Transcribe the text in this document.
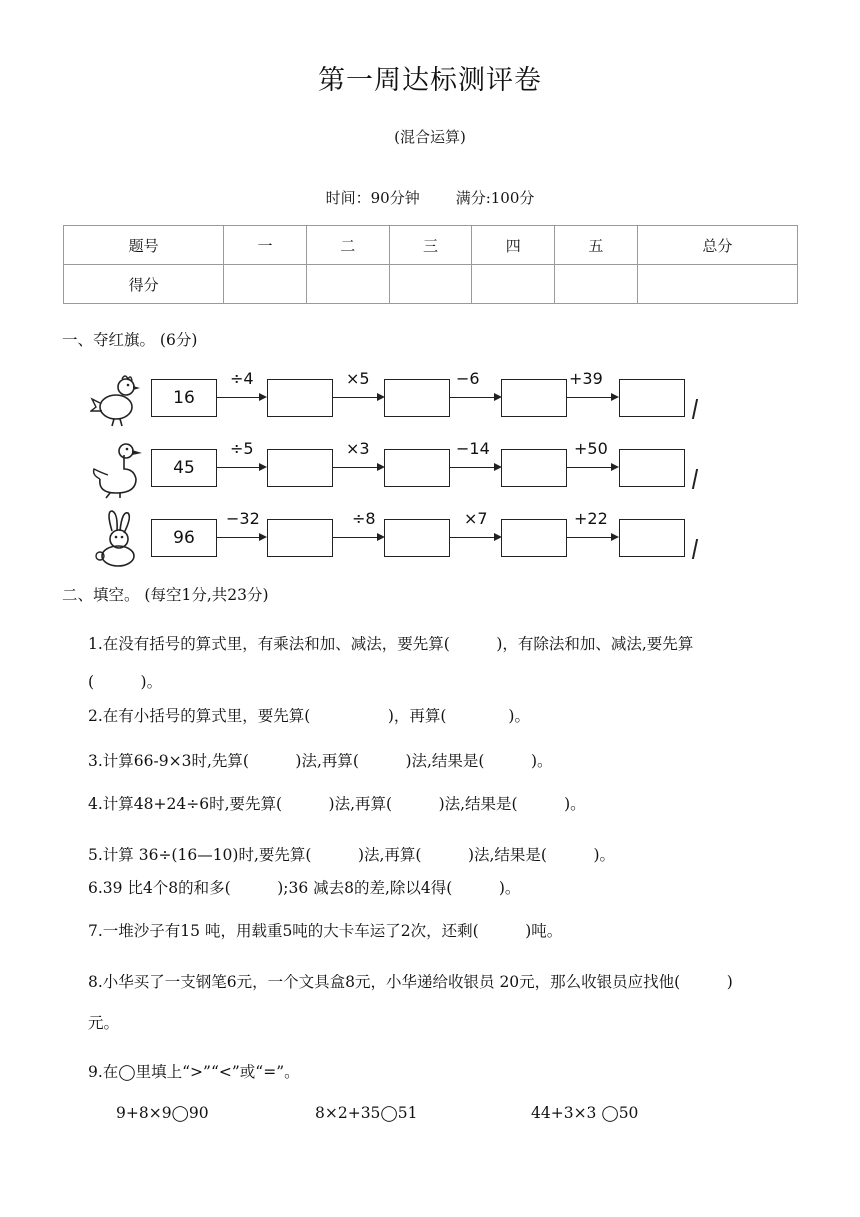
第一周达标测评卷
(混合运算)
时间：90分钟 满分:100分
题号	一	二	三	四	五	总分
得分						
一、夺红旗。 (6分)
16
÷4	×5	−6	+39
45
÷5	×3	−14	+50
96
−32	÷8	×7	+22
二、填空。 (每空1分,共23分)
1.在没有括号的算式里，有乘法和加、减法，要先算(　　　)，有除法和加、减法,要先算
(　　　)。
2.在有小括号的算式里，要先算(　　　　　)，再算(　　　　)。
3.计算66-9×3时,先算(　　　)法,再算(　　　)法,结果是(　　　)。
4.计算48+24÷6时,要先算(　　　)法,再算(　　　)法,结果是(　　　)。
5.计算 36÷(16—10)时,要先算(　　　)法,再算(　　　)法,结果是(　　　)。
6.39 比4个8的和多(　　　);36 减去8的差,除以4得(　　　)。
7.一堆沙子有15 吨，用载重5吨的大卡车运了2次，还剩(　　　)吨。
8.小华买了一支钢笔6元，一个文具盒8元，小华递给收银员 20元，那么收银员应找他(　　　)
元。
9.在◯里填上“>”“<”或“=”。
9+8×9◯90	8×2+35◯51	44+3×3 ◯50
